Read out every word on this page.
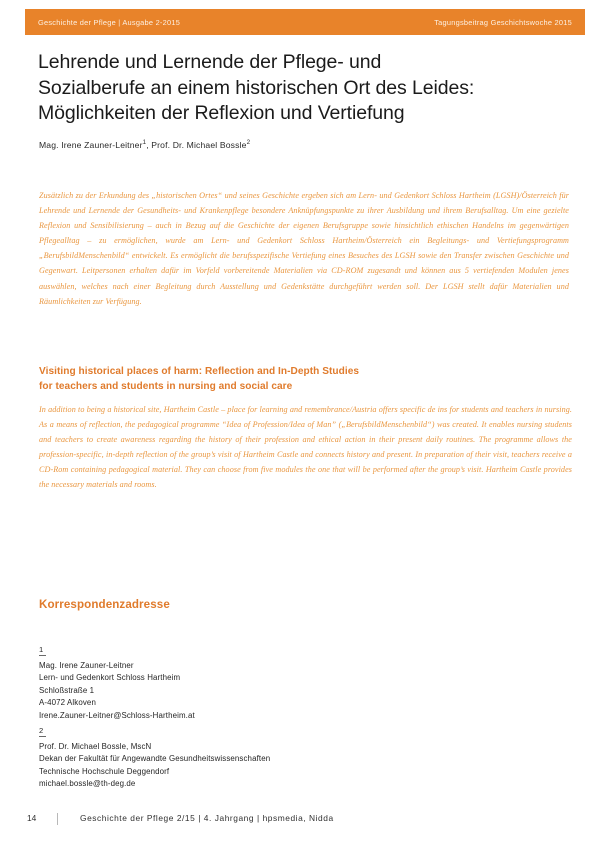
Geschichte der Pflege | Ausgabe 2-2015	Tagungsbeitrag Geschichtswoche 2015
Lehrende und Lernende der Pflege- und
Sozialberufe an einem historischen Ort des Leides:
Möglichkeiten der Reflexion und Vertiefung
Mag. Irene Zauner-Leitner$^1$, Prof. Dr. Michael Bossle$^2$
Zusätzlich zu der Erkundung des „historischen Ortes“ und seines Geschichte ergeben sich am Lern- und Gedenkort Schloss Hartheim (LGSH)/Österreich für Lehrende und Lernende der Gesundheits- und Krankenpflege besondere Anknüpfungspunkte zu ihrer Ausbildung und ihrem Berufsalltag. Um eine gezielte Reflexion und Sensibilisierung – auch in Bezug auf die Geschichte der eigenen Berufsgruppe sowie hinsichtlich ethischen Handelns im gegenwärtigen Pflegealltag – zu ermöglichen, wurde am Lern- und Gedenkort Schloss Hartheim/Österreich ein Begleitungs- und Vertiefungsprogramm „BerufsbildMenschenbild“ entwickelt. Es ermöglicht die berufsspezifische Vertiefung eines Besuches des LGSH sowie den Transfer zwischen Geschichte und Gegenwart. Leitpersonen erhalten dafür im Vorfeld vorbereitende Materialien via CD-ROM zugesandt und können aus 5 vertiefenden Modulen jenes auswählen, welches nach einer Begleitung durch Ausstellung und Gedenkstätte durchgeführt werden soll. Der LGSH stellt dafür Materialien und Räumlichkeiten zur Verfügung.
Visiting historical places of harm: Reflection and In-Depth Studies
for teachers and students in nursing and social care
In addition to being a historical site, Hartheim Castle – place for learning and remembrance/Austria offers specific de ins for students and teachers in nursing. As a means of reflection, the pedagogical programme “Idea of Profession/Idea of Man” („BerufsbildMenschenbild“) was created. It enables nursing students and teachers to create awareness regarding the history of their profession and ethical action in their present daily routines. The programme allows the profession-specific, in-depth reflection of the group’s visit of Hartheim Castle and connects history and present. In preparation of their visit, teachers receive a CD-Rom containing pedagogical material. They can choose from five modules the one that will be performed after the group’s visit. Hartheim Castle provides the necessary materials and rooms.
Korrespondenzadresse
1
Mag. Irene Zauner-Leitner
Lern- und Gedenkort Schloss Hartheim
Schloßstraße 1
A-4072 Alkoven
Irene.Zauner-Leitner@Schloss-Hartheim.at
2
Prof. Dr. Michael Bossle, MscN
Dekan der Fakultät für Angewandte Gesundheitswissenschaften
Technische Hochschule Deggendorf
michael.bossle@th-deg.de
14	Geschichte der Pflege 2/15 | 4. Jahrgang | hpsmedia, Nidda
